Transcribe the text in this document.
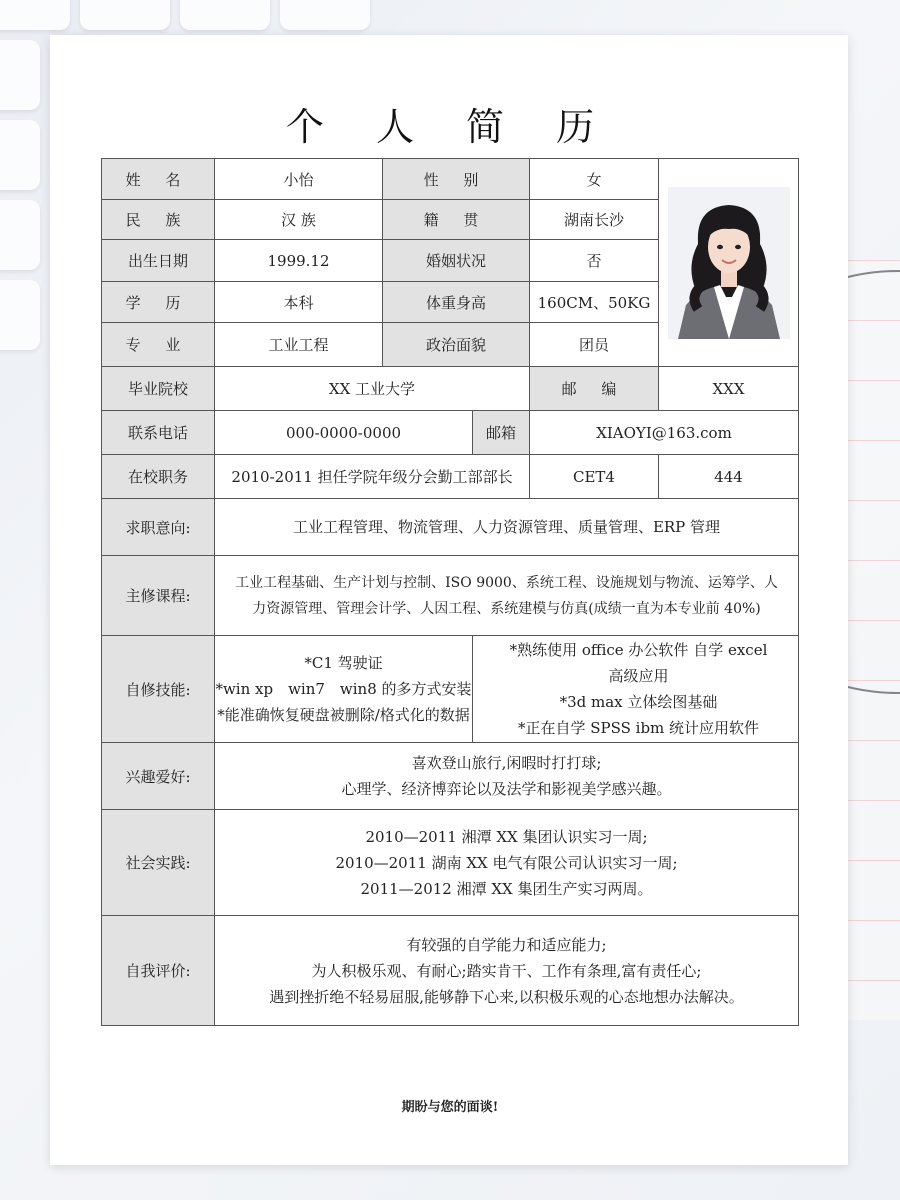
个 人 简 历
姓 名	小怡	性 别		女	

民 族	汉 族	籍 贯		湖南长沙	
出生日期	1999.12	婚姻状况		否	
学 历	本科	体重身高		160CM、50KG	
专 业	工业工程	政治面貌		团员	
毕业院校	XX 工业大学			邮 编	XXX
联系电话	000-0000-0000		邮箱	XIAOYI@163.com	
在校职务	2010-2011 担任学院年级分会勤工部部长			CET4	444
求职意向:	工业工程管理、物流管理、人力资源管理、质量管理、ERP 管理				
主修课程:	工业工程基础、生产计划与控制、ISO 9000、系统工程、设施规划与物流、运筹学、人
力资源管理、管理会计学、人因工程、系统建模与仿真(成绩一直为本专业前 40%)				

自修技能:	*C1 驾驶证
*win xp　win7　win8 的多方式安装
*能准确恢复硬盘被删除/格式化的数据		*熟练使用 office 办公软件 自学 excel
高级应用
*3d max 立体绘图基础
*正在自学 SPSS ibm 统计应用软件		

兴趣爱好:	喜欢登山旅行,闲暇时打打球;
心理学、经济博弈论以及法学和影视美学感兴趣。				

社会实践:	2010—2011 湘潭 XX 集团认识实习一周;
2010—2011 湖南 XX 电气有限公司认识实习一周;
2011—2012 湘潭 XX 集团生产实习两周。				

自我评价:	有较强的自学能力和适应能力;
为人积极乐观、有耐心;踏实肯干、工作有条理,富有责任心;
遇到挫折绝不轻易屈服,能够静下心来,以积极乐观的心态地想办法解决。				
期盼与您的面谈!
